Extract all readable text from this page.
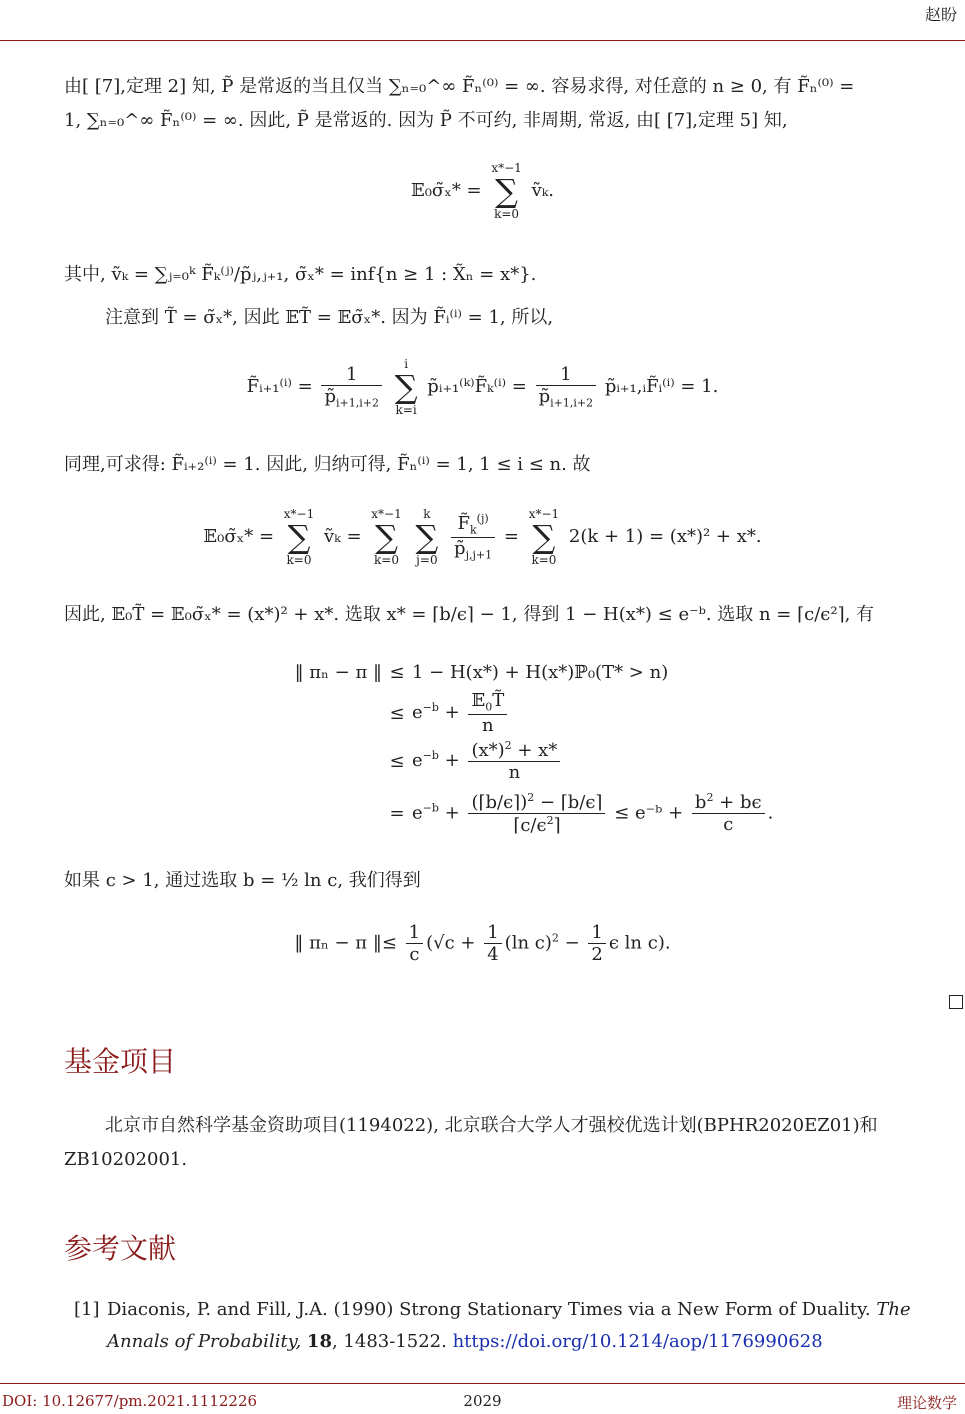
赵盼
由[ [7],定理 2] 知, P̃ 是常返的当且仅当 ∑ₙ₌₀^∞ F̃ₙ⁽⁰⁾ = ∞. 容易求得, 对任意的 n ≥ 0, 有 F̃ₙ⁽⁰⁾ =
1, ∑ₙ₌₀^∞ F̃ₙ⁽⁰⁾ = ∞. 因此, P̃ 是常返的. 因为 P̃ 不可约, 非周期, 常返, 由[ [7],定理 5] 知,
𝔼₀σ̃ₓ* =
x*−1
∑
k=0
ṽₖ.
其中, ṽₖ = ∑ⱼ₌₀ᵏ F̃ₖ⁽ʲ⁾/p̃ⱼ,ⱼ₊₁, σ̃ₓ* = inf{n ≥ 1 : X̃ₙ = x*}.
注意到 T̃ = σ̃ₓ*, 因此 𝔼T̃ = 𝔼σ̃ₓ*. 因为 F̃ᵢ⁽ⁱ⁾ = 1, 所以,
F̃ᵢ₊₁⁽ⁱ⁾ = $\frac{1}{p̃_{i+1,i+2}}$

i
∑
k=i
p̃ᵢ₊₁⁽ᵏ⁾F̃ₖ⁽ⁱ⁾ = $\frac{1}{p̃_{i+1,i+2}}$ p̃ᵢ₊₁,ᵢF̃ᵢ⁽ⁱ⁾ = 1.
同理,可求得: F̃ᵢ₊₂⁽ⁱ⁾ = 1. 因此, 归纳可得, F̃ₙ⁽ⁱ⁾ = 1, 1 ≤ i ≤ n. 故
𝔼₀σ̃ₓ* =
x*−1
∑
k=0
ṽₖ =
x*−1
∑
k=0

k
∑
j=0
$\frac{F̃_k^{(j)}}{p̃_{j,j+1}}$ =
x*−1
∑
k=0
2(k + 1) = (x*)² + x*.
因此, 𝔼₀T̃ = 𝔼₀σ̃ₓ* = (x*)² + x*. 选取 x* = ⌈b/ϵ⌉ − 1, 得到 1 − H(x*) ≤ e⁻ᵇ. 选取 n = ⌈c/ϵ²⌉, 有
‖ πₙ − π ‖ ≤ 1 − H(x*) + H(x*)ℙ₀(T* > n)
≤ $e^{-b} + \frac{𝔼_0T̃}{n}$
≤ $e^{-b} + \frac{(x*)^2 + x*}{n}$
= $e^{-b} + \frac{(⌈b/\epsilon⌉)^2 - ⌈b/\epsilon⌉}{⌈c/\epsilon^2⌉}$ ≤ e⁻ᵇ + $\frac{b^2 + b\epsilon}{c}$ .
如果 c > 1, 通过选取 b = ½ ln c, 我们得到
‖ πₙ − π ‖≤ $\frac{1}{c} (√c + \frac{1}{4} (\ln$ $c)^2 - \frac{1}{2}$ ϵ ln c).
基金项目
北京市自然科学基金资助项目(1194022), 北京联合大学人才强校优选计划(BPHR2020EZ01)和
ZB10202001.
参考文献
[1] Diaconis, P. and Fill, J.A. (1990) Strong Stationary Times via a New Form of Duality. The
Annals of Probability, 18, 1483-1522. https://doi.org/10.1214/aop/1176990628
DOI: 10.12677/pm.2021.1112226	2029	理论数学
